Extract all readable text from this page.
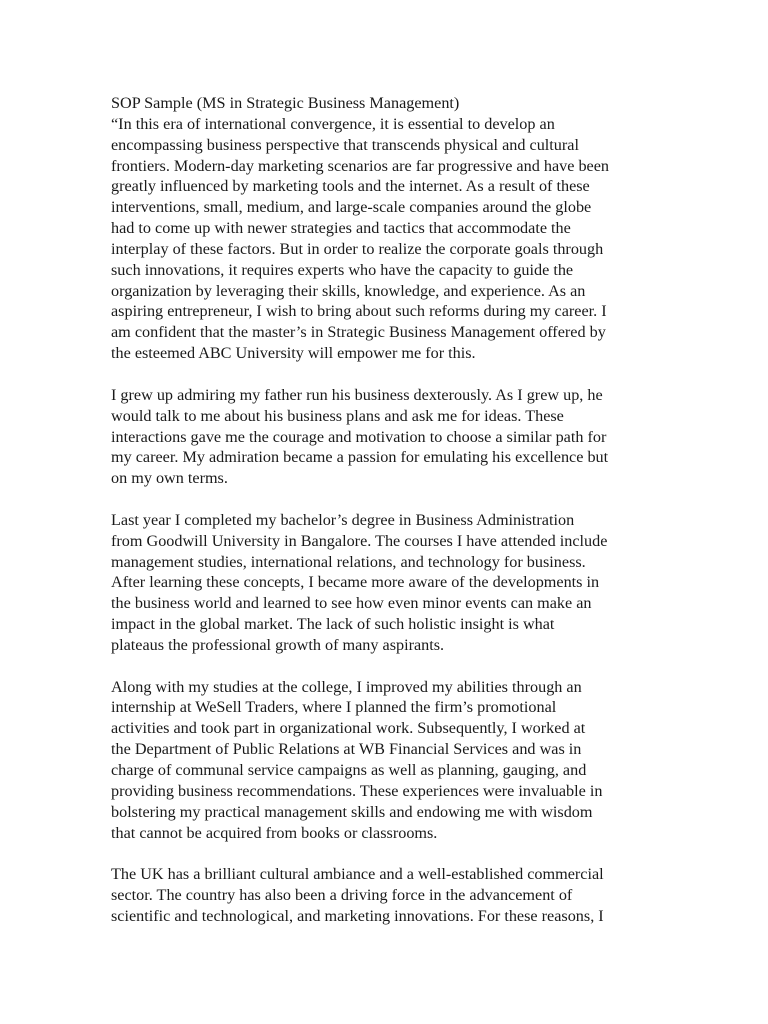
SOP Sample (MS in Strategic Business Management)
“In this era of international convergence, it is essential to develop an
encompassing business perspective that transcends physical and cultural
frontiers. Modern-day marketing scenarios are far progressive and have been
greatly influenced by marketing tools and the internet. As a result of these
interventions, small, medium, and large-scale companies around the globe
had to come up with newer strategies and tactics that accommodate the
interplay of these factors. But in order to realize the corporate goals through
such innovations, it requires experts who have the capacity to guide the
organization by leveraging their skills, knowledge, and experience. As an
aspiring entrepreneur, I wish to bring about such reforms during my career. I
am confident that the master’s in Strategic Business Management offered by
the esteemed ABC University will empower me for this.
I grew up admiring my father run his business dexterously. As I grew up, he
would talk to me about his business plans and ask me for ideas. These
interactions gave me the courage and motivation to choose a similar path for
my career. My admiration became a passion for emulating his excellence but
on my own terms.
Last year I completed my bachelor’s degree in Business Administration
from Goodwill University in Bangalore. The courses I have attended include
management studies, international relations, and technology for business.
After learning these concepts, I became more aware of the developments in
the business world and learned to see how even minor events can make an
impact in the global market. The lack of such holistic insight is what
plateaus the professional growth of many aspirants.
Along with my studies at the college, I improved my abilities through an
internship at WeSell Traders, where I planned the firm’s promotional
activities and took part in organizational work. Subsequently, I worked at
the Department of Public Relations at WB Financial Services and was in
charge of communal service campaigns as well as planning, gauging, and
providing business recommendations. These experiences were invaluable in
bolstering my practical management skills and endowing me with wisdom
that cannot be acquired from books or classrooms.
The UK has a brilliant cultural ambiance and a well-established commercial
sector. The country has also been a driving force in the advancement of
scientific and technological, and marketing innovations. For these reasons, I
